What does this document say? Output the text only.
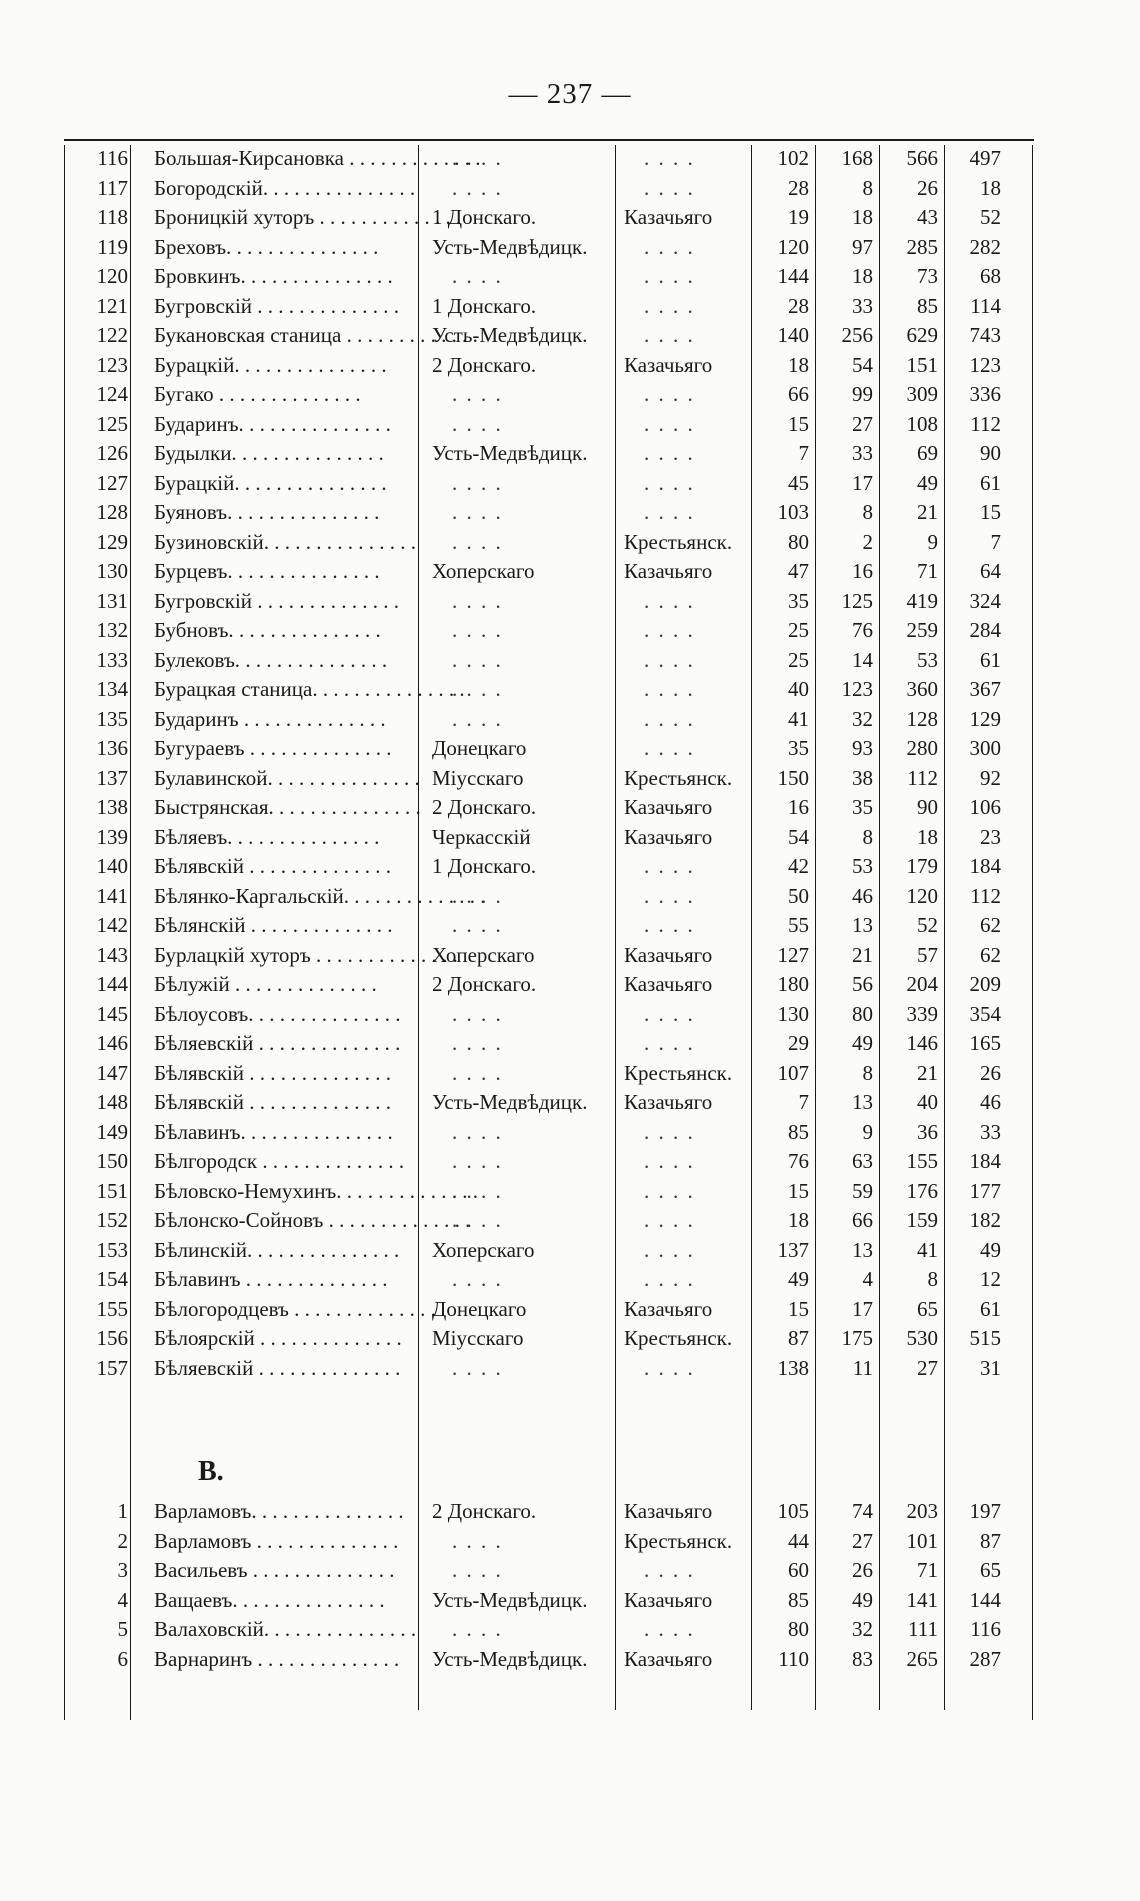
— 237 —
116 Большая-Кирсановка . .	. . . .	. . . .	102	168	566	497
117 Богородскій. . .	. . . .	. . . .	28	8	26	18
118 Броницкій хуторъ . .	1 Донскаго.	Казачьяго	19	18	43	52
119 Бреховъ. . .	Усть-Медвѣдицк.	. . . .	120	97	285	282
120 Бровкинъ. . .	. . . .	. . . .	144	18	73	68
121 Бугровскій . .	1 Донскаго.	. . . .	28	33	85	114
122 Букановская станица . .	Усть-Медвѣдицк.	. . . .	140	256	629	743
123 Бурацкій. . .	2 Донскаго.	Казачьяго	18	54	151	123
124 Бугако . .	. . . .	. . . .	66	99	309	336
125 Бударинъ. . .	. . . .	. . . .	15	27	108	112
126 Будылки. . .	Усть-Медвѣдицк.	. . . .	7	33	69	90
127 Бурацкій. . .	. . . .	. . . .	45	17	49	61
128 Буяновъ. . .	. . . .	. . . .	103	8	21	15
129 Бузиновскій. . .	. . . .	Крестьянск.	80	2	9	7
130 Бурцевъ. . .	Хоперскаго	Казачьяго	47	16	71	64
131 Бугровскій . .	. . . .	. . . .	35	125	419	324
132 Бубновъ. . .	. . . .	. . . .	25	76	259	284
133 Булековъ. . .	. . . .	. . . .	25	14	53	61
134 Бурацкая станица. . .	. . . .	. . . .	40	123	360	367
135 Бударинъ . .	. . . .	. . . .	41	32	128	129
136 Бугураевъ . .	Донецкаго	. . . .	35	93	280	300
137 Булавинской. . .	Міусскаго	Крестьянск.	150	38	112	92
138 Быстрянская. . .	2 Донскаго.	Казачьяго	16	35	90	106
139 Бѣляевъ. . .	Черкасскій	Казачьяго	54	8	18	23
140 Бѣлявскій . .	1 Донскаго.	. . . .	42	53	179	184
141 Бѣлянко-Каргальскій. . .	. . . .	. . . .	50	46	120	112
142 Бѣлянскій . .	. . . .	. . . .	55	13	52	62
143 Бурлацкій хуторъ . .	Хоперскаго	Казачьяго	127	21	57	62
144 Бѣлужій . .	2 Донскаго.	Казачьяго	180	56	204	209
145 Бѣлоусовъ. . .	. . . .	. . . .	130	80	339	354
146 Бѣляевскій . .	. . . .	. . . .	29	49	146	165
147 Бѣлявскій . .	. . . .	Крестьянск.	107	8	21	26
148 Бѣлявскій . .	Усть-Медвѣдицк.	Казачьяго	7	13	40	46
149 Бѣлавинъ. . .	. . . .	. . . .	85	9	36	33
150 Бѣлгородск . .	. . . .	. . . .	76	63	155	184
151 Бѣловско-Немухинъ. . .	. . . .	. . . .	15	59	176	177
152 Бѣлонско-Сойновъ . .	. . . .	. . . .	18	66	159	182
153 Бѣлинскій. . .	Хоперскаго	. . . .	137	13	41	49
154 Бѣлавинъ . .	. . . .	. . . .	49	4	8	12
155 Бѣлогородцевъ . .	Донецкаго	Казачьяго	15	17	65	61
156 Бѣлоярскій . .	Міусскаго	Крестьянск.	87	175	530	515
157 Бѣляевскій . .	. . . .	. . . .	138	11	27	31
1 Варламовъ. . .	2 Донскаго.	Казачьяго	105	74	203	197
2 Варламовъ . .	. . . .	Крестьянск.	44	27	101	87
3 Васильевъ . .	. . . .	. . . .	60	26	71	65
4 Ващаевъ. . .	Усть-Медвѣдицк.	Казачьяго	85	49	141	144
5 Валаховскій. . .	. . . .	. . . .	80	32	111	116
6 Варнаринъ . .	Усть-Медвѣдицк.	Казачьяго	110	83	265	287
В.
